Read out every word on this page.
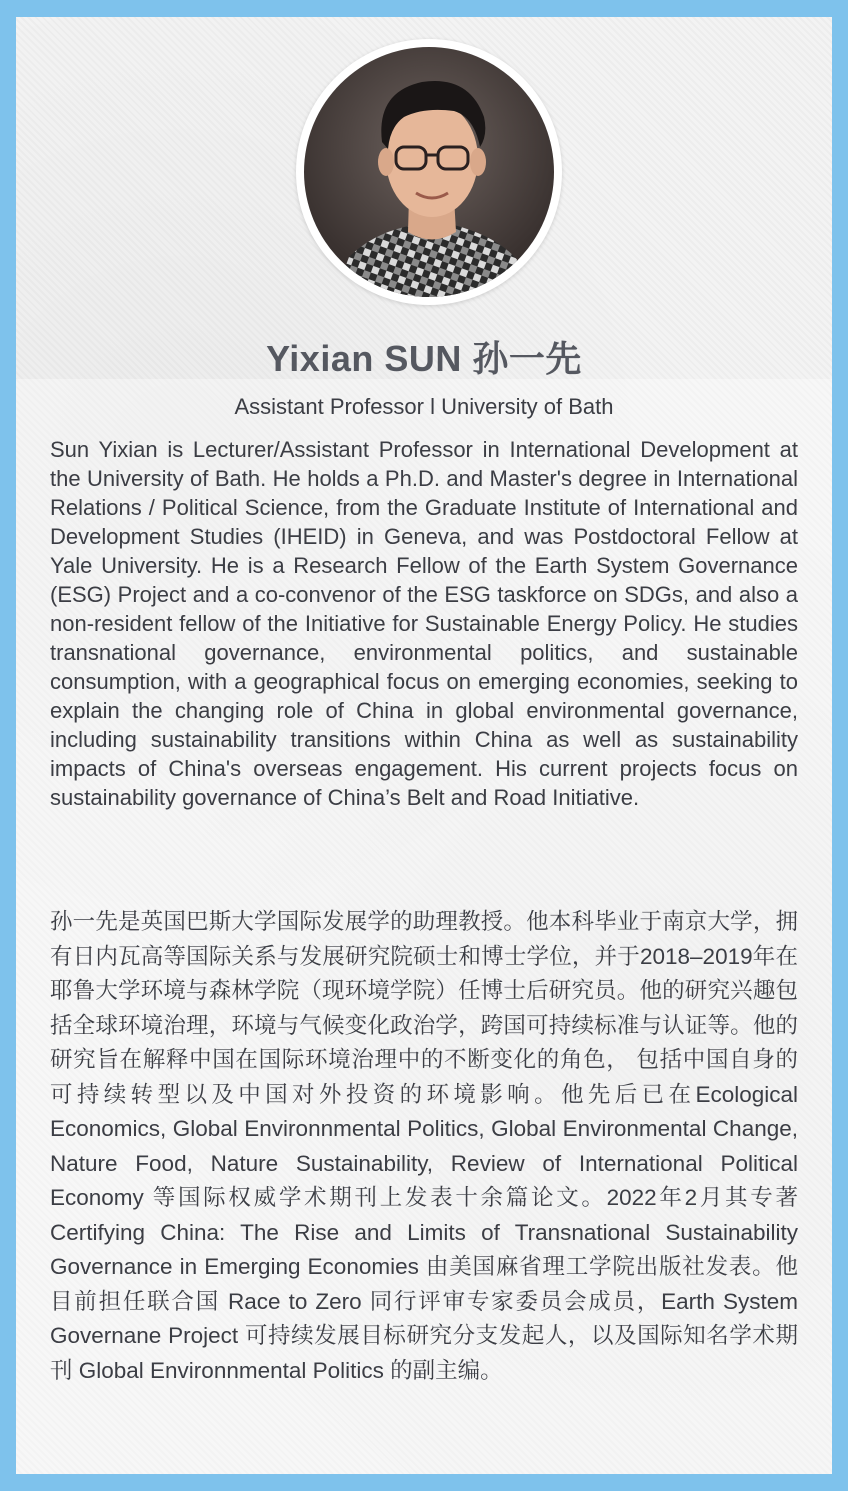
Yixian SUN 孙一先
Assistant Professor l University of Bath
Sun Yixian is Lecturer/Assistant Professor in International Development at the University of Bath. He holds a Ph.D. and Master's degree in International Relations / Political Science, from the Graduate Institute of International and Development Studies (IHEID) in Geneva, and was Postdoctoral Fellow at Yale University. He is a Research Fellow of the Earth System Governance (ESG) Project and a co-convenor of the ESG taskforce on SDGs, and also a non-resident fellow of the Initiative for Sustainable Energy Policy. He studies transnational governance, environmental politics, and sustainable consumption, with a geographical focus on emerging economies, seeking to explain the changing role of China in global environmental governance, including sustainability transitions within China as well as sustainability impacts of China's overseas engagement. His current projects focus on sustainability governance of China’s Belt and Road Initiative.
孙一先是英国巴斯大学国际发展学的助理教授。他本科毕业于南京大学，拥有日内瓦高等国际关系与发展研究院硕士和博士学位，并于2018–2019年在耶鲁大学环境与森林学院（现环境学院）任博士后研究员。他的研究兴趣包括全球环境治理，环境与气候变化政治学，跨国可持续标准与认证等。他的研究旨在解释中国在国际环境治理中的不断变化的角色， 包括中国自身的可持续转型以及中国对外投资的环境影响。他先后已在Ecological Economics, Global Environnmental Politics, Global Environmental Change, Nature Food, Nature Sustainability, Review of International Political Economy 等国际权威学术期刊上发表十余篇论文。2022年2月其专著 Certifying China: The Rise and Limits of Transnational Sustainability Governance in Emerging Economies 由美国麻省理工学院出版社发表。他目前担任联合国 Race to Zero 同行评审专家委员会成员，Earth System Governane Project 可持续发展目标研究分支发起人，以及国际知名学术期刊 Global Environnmental Politics 的副主编。
